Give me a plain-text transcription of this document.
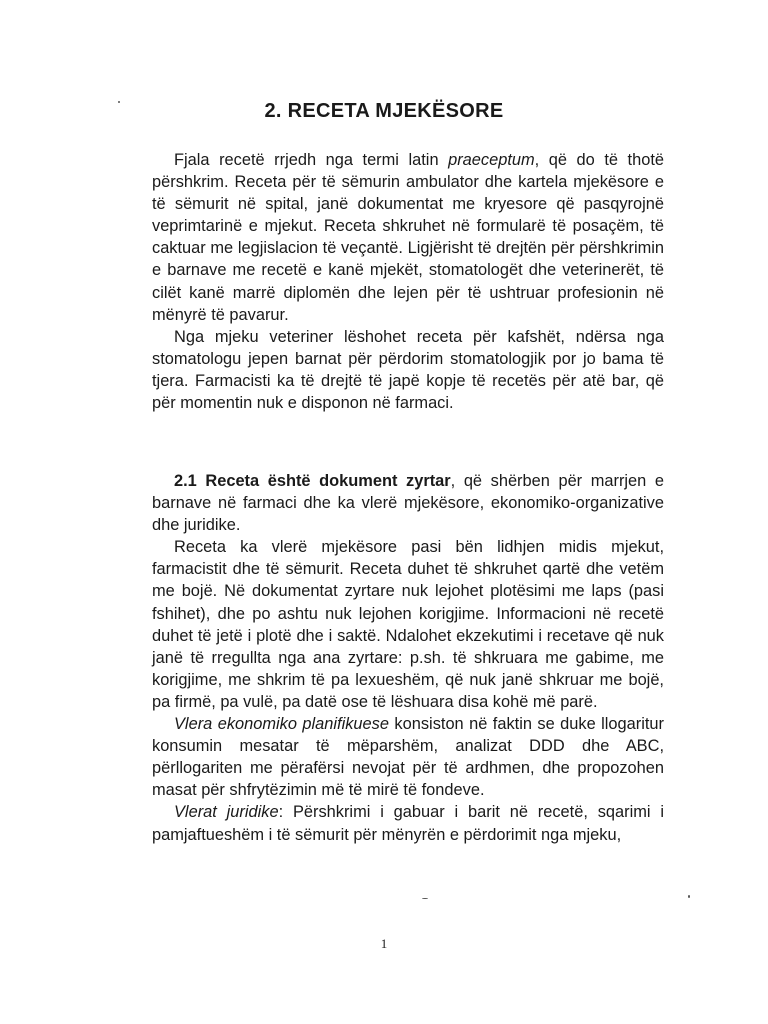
2. RECETA MJEKËSORE

Fjala recetë rrjedh nga termi latin praeceptum, që do të thotë përshkrim. Receta për të sëmurin ambulator dhe kartela mjekësore e të sëmurit në spital, janë dokumentat me kryesore që pasqyrojnë veprimtarinë e mjekut. Receta shkruhet në formularë të posaçëm, të caktuar me legjislacion të veçantë. Ligjërisht të drejtën për përshkrimin e barnave me recetë e kanë mjekët, stomatologët dhe veterinerët, të cilët kanë marrë diplomën dhe lejen për të ushtruar profesionin në mënyrë të pavarur.

Nga mjeku veteriner lëshohet receta për kafshët, ndërsa nga stomatologu jepen barnat për përdorim stomatologjik por jo bama të tjera. Farmacisti ka të drejtë të japë kopje të recetës për atë bar, që për momentin nuk e disponon në farmaci.

2.1 Receta është dokument zyrtar, që shërben për marrjen e barnave në farmaci dhe ka vlerë mjekësore, ekonomiko-organizative dhe juridike.

Receta ka vlerë mjekësore pasi bën lidhjen midis mjekut, farmacistit dhe të sëmurit. Receta duhet të shkruhet qartë dhe vetëm me bojë. Në dokumentat zyrtare nuk lejohet plotësimi me laps (pasi fshihet), dhe po ashtu nuk lejohen korigjime. Informacioni në recetë duhet të jetë i plotë dhe i saktë. Ndalohet ekzekutimi i recetave që nuk janë të rregullta nga ana zyrtare: p.sh. të shkruara me gabime, me korigjime, me shkrim të pa lexueshëm, që nuk janë shkruar me bojë, pa firmë, pa vulë, pa datë ose të lëshuara disa kohë më parë.

Vlera ekonomiko planifikuese konsiston në faktin se duke llogaritur konsumin mesatar të mëparshëm, analizat DDD dhe ABC, përllogariten me përafërsi nevojat për të ardhmen, dhe propozohen masat për shfrytëzimin më të mirë të fondeve.

Vlerat juridike: Përshkrimi i gabuar i barit në recetë, sqarimi i pamjaftueshëm i të sëmurit për mënyrën e përdorimit nga mjeku,

1
